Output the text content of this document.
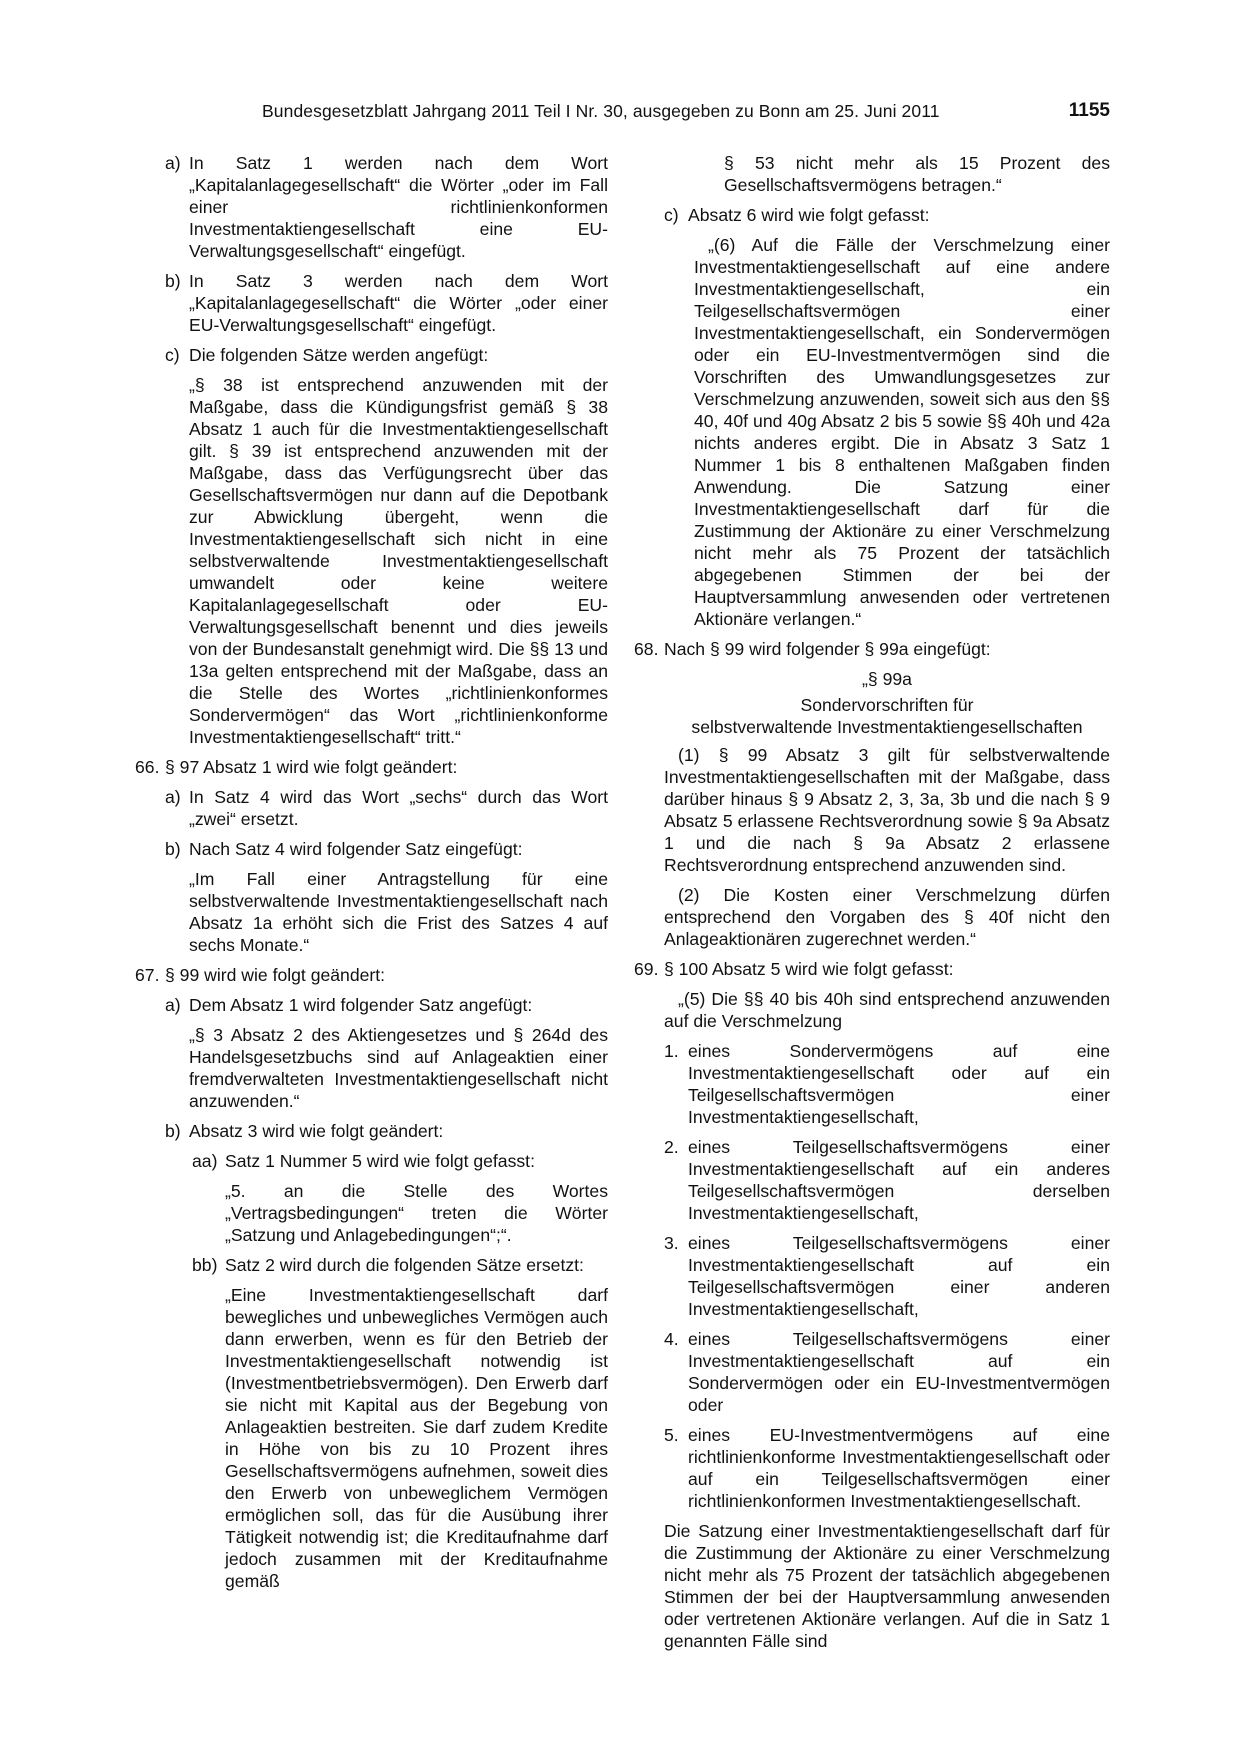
Bundesgesetzblatt Jahrgang 2011 Teil I Nr. 30, ausgegeben zu Bonn am 25. Juni 2011	1155
a) In Satz 1 werden nach dem Wort „Kapitalanlagegesellschaft“ die Wörter „oder im Fall einer richtlinienkonformen Investmentaktiengesellschaft eine EU-Verwaltungsgesellschaft“ eingefügt.
b) In Satz 3 werden nach dem Wort „Kapitalanlagegesellschaft“ die Wörter „oder einer EU-Verwaltungsgesellschaft“ eingefügt.
c) Die folgenden Sätze werden angefügt:

„§ 38 ist entsprechend anzuwenden mit der Maßgabe, dass die Kündigungsfrist gemäß § 38 Absatz 1 auch für die Investmentaktiengesellschaft gilt. § 39 ist entsprechend anzuwenden mit der Maßgabe, dass das Verfügungsrecht über das Gesellschaftsvermögen nur dann auf die Depotbank zur Abwicklung übergeht, wenn die Investmentaktiengesellschaft sich nicht in eine selbstverwaltende Investmentaktiengesellschaft umwandelt oder keine weitere Kapitalanlagegesellschaft oder EU-Verwaltungsgesellschaft benennt und dies jeweils von der Bundesanstalt genehmigt wird. Die §§ 13 und 13a gelten entsprechend mit der Maßgabe, dass an die Stelle des Wortes „richtlinienkonformes Sondervermögen“ das Wort „richtlinienkonforme Investmentaktiengesellschaft“ tritt.“

66. § 97 Absatz 1 wird wie folgt geändert:
a) In Satz 4 wird das Wort „sechs“ durch das Wort „zwei“ ersetzt.
b) Nach Satz 4 wird folgender Satz eingefügt:

„Im Fall einer Antragstellung für eine selbstverwaltende Investmentaktiengesellschaft nach Absatz 1a erhöht sich die Frist des Satzes 4 auf sechs Monate.“

67. § 99 wird wie folgt geändert:
a) Dem Absatz 1 wird folgender Satz angefügt:

„§ 3 Absatz 2 des Aktiengesetzes und § 264d des Handelsgesetzbuchs sind auf Anlageaktien einer fremdverwalteten Investmentaktiengesellschaft nicht anzuwenden.“

b) Absatz 3 wird wie folgt geändert:
aa) Satz 1 Nummer 5 wird wie folgt gefasst:

„5. an die Stelle des Wortes „Vertragsbedingungen“ treten die Wörter „Satzung und Anlagebedingungen“;“.

bb) Satz 2 wird durch die folgenden Sätze ersetzt:

„Eine Investmentaktiengesellschaft darf bewegliches und unbewegliches Vermögen auch dann erwerben, wenn es für den Betrieb der Investmentaktiengesellschaft notwendig ist (Investmentbetriebsvermögen). Den Erwerb darf sie nicht mit Kapital aus der Begebung von Anlageaktien bestreiten. Sie darf zudem Kredite in Höhe von bis zu 10 Prozent ihres Gesellschaftsvermögens aufnehmen, soweit dies den Erwerb von unbeweglichem Vermögen ermöglichen soll, das für die Ausübung ihrer Tätigkeit notwendig ist; die Kreditaufnahme darf jedoch zusammen mit der Kreditaufnahme gemäß

§ 53 nicht mehr als 15 Prozent des Gesellschaftsvermögens betragen.“

c) Absatz 6 wird wie folgt gefasst:

„(6) Auf die Fälle der Verschmelzung einer Investmentaktiengesellschaft auf eine andere Investmentaktiengesellschaft, ein Teilgesellschaftsvermögen einer Investmentaktiengesellschaft, ein Sondervermögen oder ein EU-Investmentvermögen sind die Vorschriften des Umwandlungsgesetzes zur Verschmelzung anzuwenden, soweit sich aus den §§ 40, 40f und 40g Absatz 2 bis 5 sowie §§ 40h und 42a nichts anderes ergibt. Die in Absatz 3 Satz 1 Nummer 1 bis 8 enthaltenen Maßgaben finden Anwendung. Die Satzung einer Investmentaktiengesellschaft darf für die Zustimmung der Aktionäre zu einer Verschmelzung nicht mehr als 75 Prozent der tatsächlich abgegebenen Stimmen der bei der Hauptversammlung anwesenden oder vertretenen Aktionäre verlangen.“

68. Nach § 99 wird folgender § 99a eingefügt:

„§ 99a

Sondervorschriften für

selbstverwaltende Investmentaktiengesellschaften

(1) § 99 Absatz 3 gilt für selbstverwaltende Investmentaktiengesellschaften mit der Maßgabe, dass darüber hinaus § 9 Absatz 2, 3, 3a, 3b und die nach § 9 Absatz 5 erlassene Rechtsverordnung sowie § 9a Absatz 1 und die nach § 9a Absatz 2 erlassene Rechtsverordnung entsprechend anzuwenden sind.

(2) Die Kosten einer Verschmelzung dürfen entsprechend den Vorgaben des § 40f nicht den Anlageaktionären zugerechnet werden.“

69. § 100 Absatz 5 wird wie folgt gefasst:

„(5) Die §§ 40 bis 40h sind entsprechend anzuwenden auf die Verschmelzung

1. eines Sondervermögens auf eine Investmentaktiengesellschaft oder auf ein Teilgesellschaftsvermögen einer Investmentaktiengesellschaft,
2. eines Teilgesellschaftsvermögens einer Investmentaktiengesellschaft auf ein anderes Teilgesellschaftsvermögen derselben Investmentaktiengesellschaft,
3. eines Teilgesellschaftsvermögens einer Investmentaktiengesellschaft auf ein Teilgesellschaftsvermögen einer anderen Investmentaktiengesellschaft,
4. eines Teilgesellschaftsvermögens einer Investmentaktiengesellschaft auf ein Sondervermögen oder ein EU-Investmentvermögen oder
5. eines EU-Investmentvermögens auf eine richtlinienkonforme Investmentaktiengesellschaft oder auf ein Teilgesellschaftsvermögen einer richtlinienkonformen Investmentaktiengesellschaft.

Die Satzung einer Investmentaktiengesellschaft darf für die Zustimmung der Aktionäre zu einer Verschmelzung nicht mehr als 75 Prozent der tatsächlich abgegebenen Stimmen der bei der Hauptversammlung anwesenden oder vertretenen Aktionäre verlangen. Auf die in Satz 1 genannten Fälle sind
